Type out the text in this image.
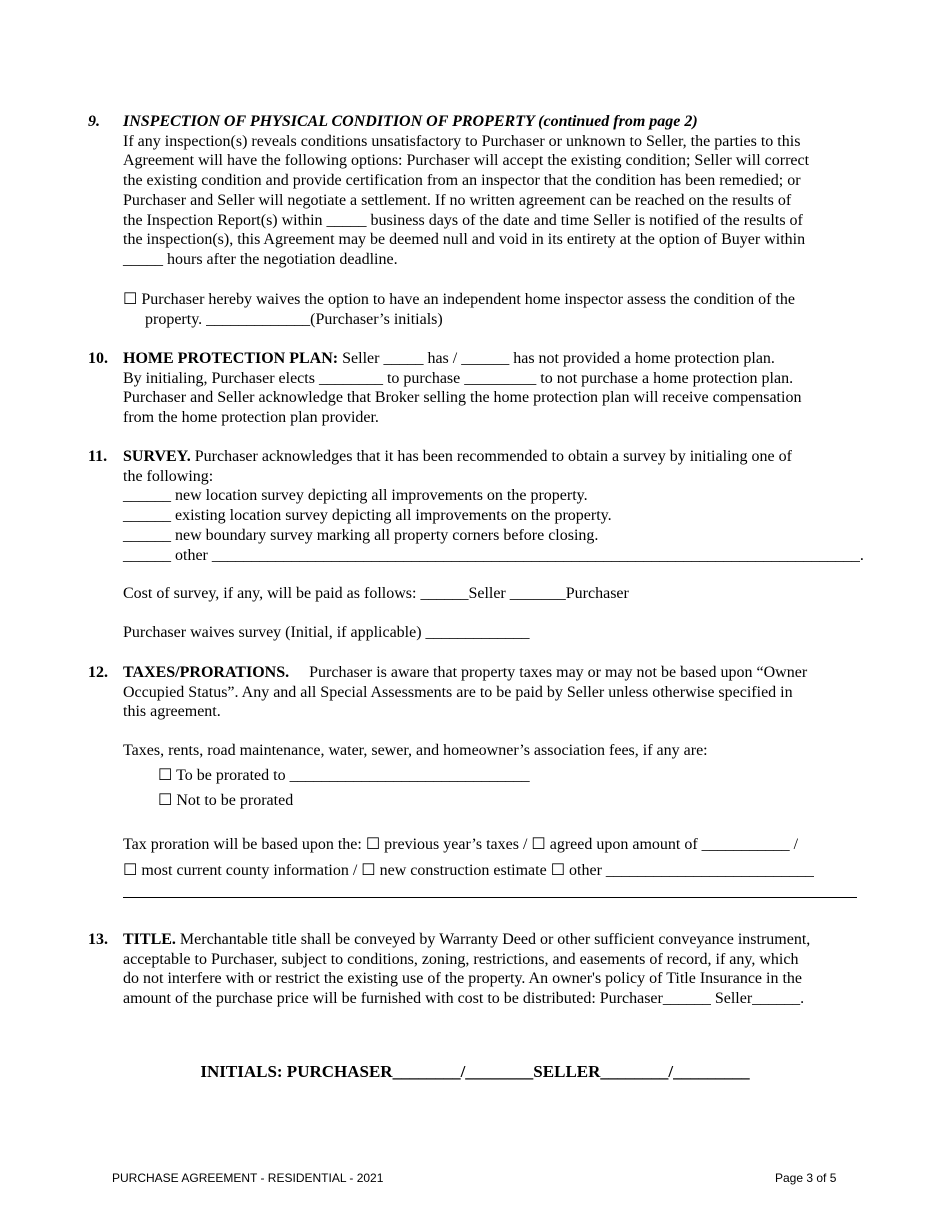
9. INSPECTION OF PHYSICAL CONDITION OF PROPERTY (continued from page 2)
If any inspection(s) reveals conditions unsatisfactory to Purchaser or unknown to Seller, the parties to this
Agreement will have the following options: Purchaser will accept the existing condition; Seller will correct
the existing condition and provide certification from an inspector that the condition has been remedied; or
Purchaser and Seller will negotiate a settlement. If no written agreement can be reached on the results of
the Inspection Report(s) within _____ business days of the date and time Seller is notified of the results of
the inspection(s), this Agreement may be deemed null and void in its entirety at the option of Buyer within
_____ hours after the negotiation deadline.
☐ Purchaser hereby waives the option to have an independent home inspector assess the condition of the
property. _____________(Purchaser’s initials)
10. HOME PROTECTION PLAN: Seller _____ has / ______ has not provided a home protection plan.
By initialing, Purchaser elects ________ to purchase _________ to not purchase a home protection plan.
Purchaser and Seller acknowledge that Broker selling the home protection plan will receive compensation
from the home protection plan provider.
11. SURVEY. Purchaser acknowledges that it has been recommended to obtain a survey by initialing one of
the following:
______ new location survey depicting all improvements on the property.
______ existing location survey depicting all improvements on the property.
______ new boundary survey marking all property corners before closing.
______ other _________________________________________________________________________________.
Cost of survey, if any, will be paid as follows: ______Seller _______Purchaser
Purchaser waives survey (Initial, if applicable) _____________
12. TAXES/PRORATIONS.     Purchaser is aware that property taxes may or may not be based upon “Owner
Occupied Status”. Any and all Special Assessments are to be paid by Seller unless otherwise specified in
this agreement.
Taxes, rents, road maintenance, water, sewer, and homeowner’s association fees, if any are:
☐ To be prorated to ______________________________
☐ Not to be prorated
Tax proration will be based upon the: ☐ previous year’s taxes / ☐ agreed upon amount of ___________ /
☐ most current county information / ☐ new construction estimate ☐ other __________________________
13. TITLE. Merchantable title shall be conveyed by Warranty Deed or other sufficient conveyance instrument,
acceptable to Purchaser, subject to conditions, zoning, restrictions, and easements of record, if any, which
do not interfere with or restrict the existing use of the property. An owner's policy of Title Insurance in the
amount of the purchase price will be furnished with cost to be distributed: Purchaser______ Seller______.
INITIALS: PURCHASER________/________SELLER________/_________
PURCHASE AGREEMENT - RESIDENTIAL - 2021	Page 3 of 5
